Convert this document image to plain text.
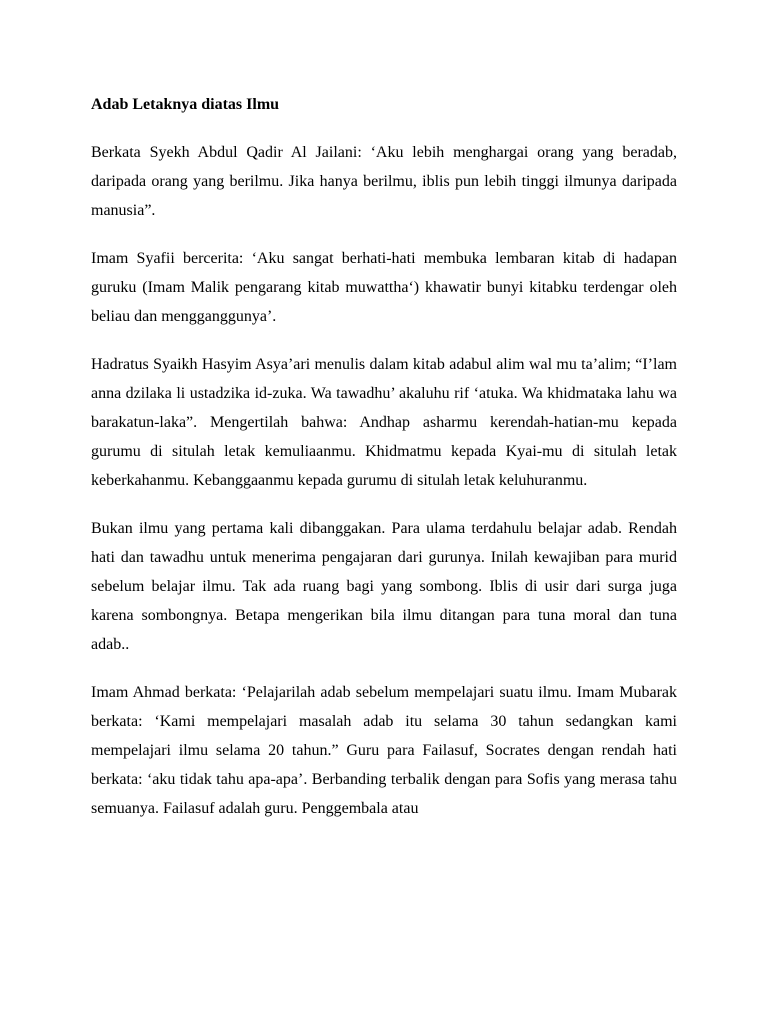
Adab Letaknya diatas Ilmu

Berkata Syekh Abdul Qadir Al Jailani: ‘Aku lebih menghargai orang yang beradab, daripada orang yang berilmu. Jika hanya berilmu, iblis pun lebih tinggi ilmunya daripada manusia”.

Imam Syafii bercerita: ‘Aku sangat berhati-hati membuka lembaran kitab di hadapan guruku (Imam Malik pengarang kitab muwattha‘) khawatir bunyi kitabku terdengar oleh beliau dan mengganggunya’.

Hadratus Syaikh Hasyim Asya’ari menulis dalam kitab adabul alim wal mu ta’alim; “I’lam anna dzilaka li ustadzika id-zuka. Wa tawadhu’ akaluhu rif ‘atuka. Wa khidmataka lahu wa barakatun-laka”. Mengertilah bahwa: Andhap asharmu kerendah-hatian-mu kepada gurumu di situlah letak kemuliaanmu. Khidmatmu kepada Kyai-mu di situlah letak keberkahanmu. Kebanggaanmu kepada gurumu di situlah letak keluhuranmu.

Bukan ilmu yang pertama kali dibanggakan. Para ulama terdahulu belajar adab. Rendah hati dan tawadhu untuk menerima pengajaran dari gurunya. Inilah kewajiban para murid sebelum belajar ilmu. Tak ada ruang bagi yang sombong. Iblis di usir dari surga juga karena sombongnya. Betapa mengerikan bila ilmu ditangan para tuna moral dan tuna adab..

Imam Ahmad berkata: ‘Pelajarilah adab sebelum mempelajari suatu ilmu. Imam Mubarak berkata: ‘Kami mempelajari masalah adab itu selama 30 tahun sedangkan kami mempelajari ilmu selama 20 tahun.” Guru para Failasuf, Socrates dengan rendah hati berkata: ‘aku tidak tahu apa-apa’. Berbanding terbalik dengan para Sofis yang merasa tahu semuanya. Failasuf adalah guru. Penggembala atau
